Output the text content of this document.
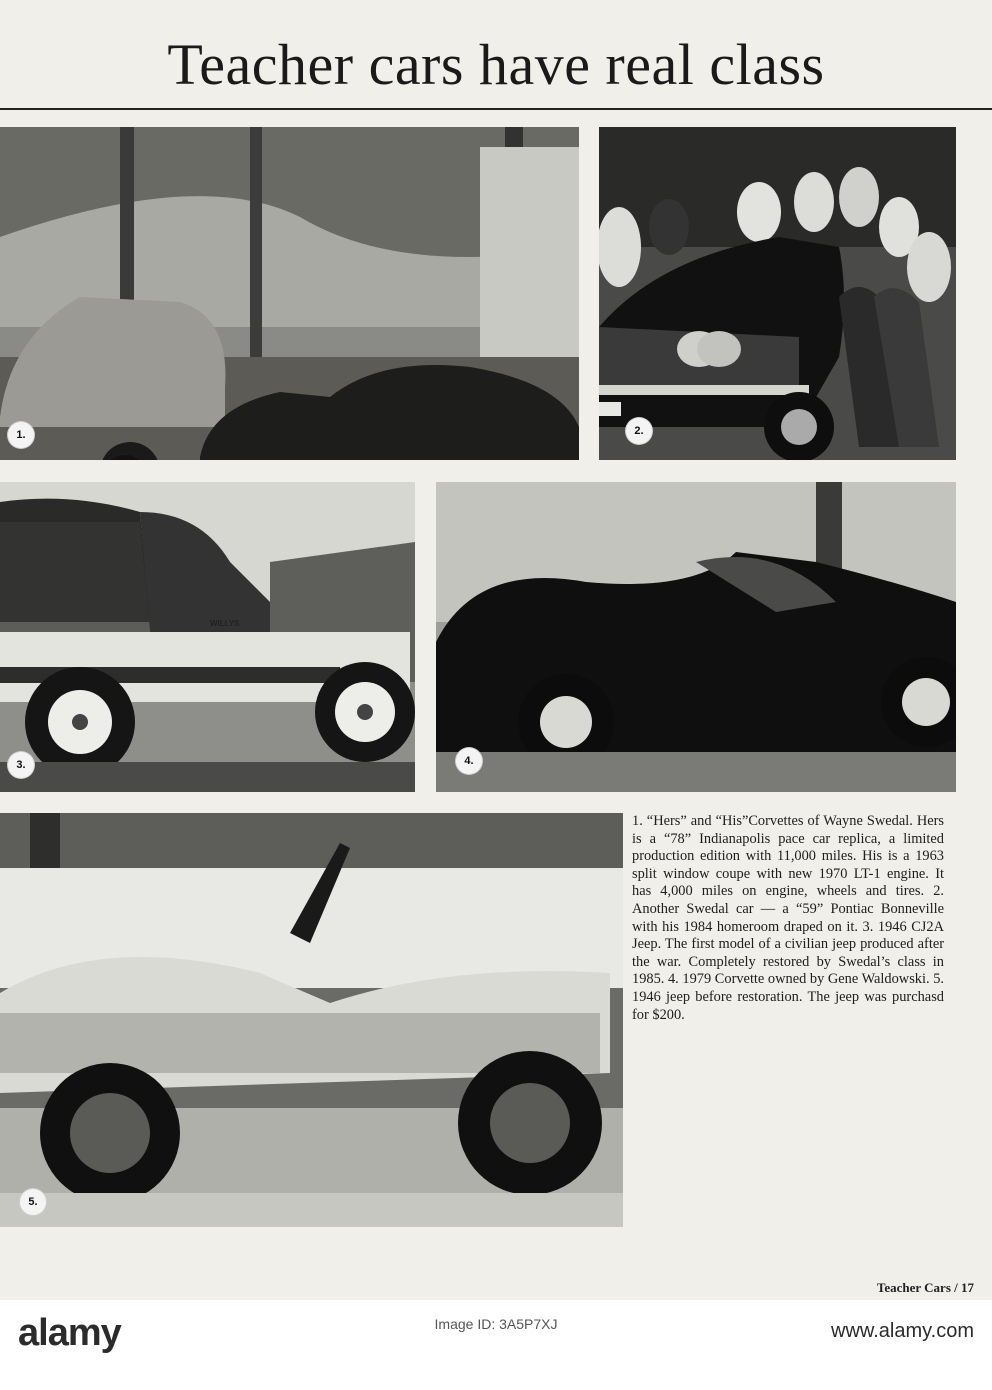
Teacher cars have real class
1.	2.
WILLYS
3.	4.
5.
1. “Hers” and “His”Corvettes of Wayne Swedal. Hers is a “78” Indianapolis pace car replica, a limited production edition with 11,000 miles. His is a 1963 split window coupe with new 1970 LT-1 engine. It has 4,000 miles on engine, wheels and tires. 2. Another Swedal car — a “59” Pontiac Bonneville with his 1984 homeroom draped on it. 3. 1946 CJ2A Jeep. The first model of a civilian jeep produced after the war. Completely restored by Swedal’s class in 1985. 4. 1979 Corvette owned by Gene Waldowski. 5. 1946 jeep before restoration. The jeep was purchasd for $200.
Teacher Cars / 17
alamy	Image ID: 3A5P7XJ	www.alamy.com
